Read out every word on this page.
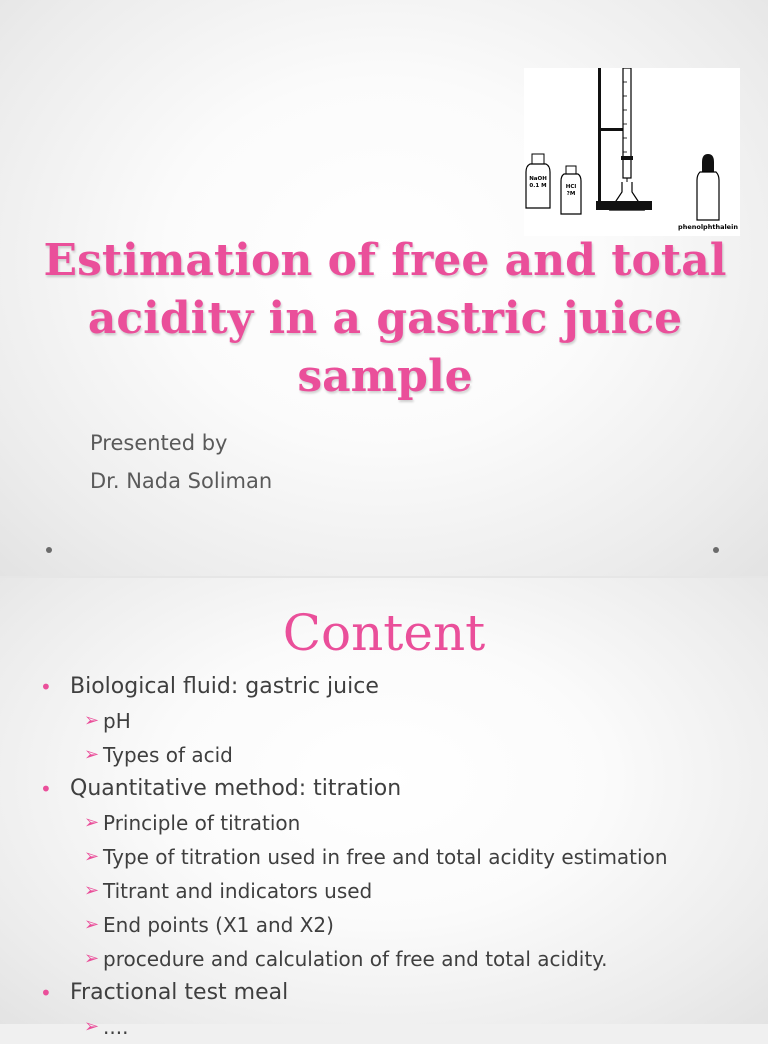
NaOH
0.1 M	HCl
?M
phenolphthalein
Estimation of free and total acidity in a gastric juice sample
Presented by
Dr. Nada Soliman
Content
• Biological fluid: gastric juice
➢ pH
➢ Types of acid
• Quantitative method: titration
➢ Principle of titration
➢ Type of titration used in free and total acidity estimation
➢ Titrant and indicators used
➢ End points (X1 and X2)
➢ procedure and calculation of free and total acidity.
• Fractional test meal
➢ ....
